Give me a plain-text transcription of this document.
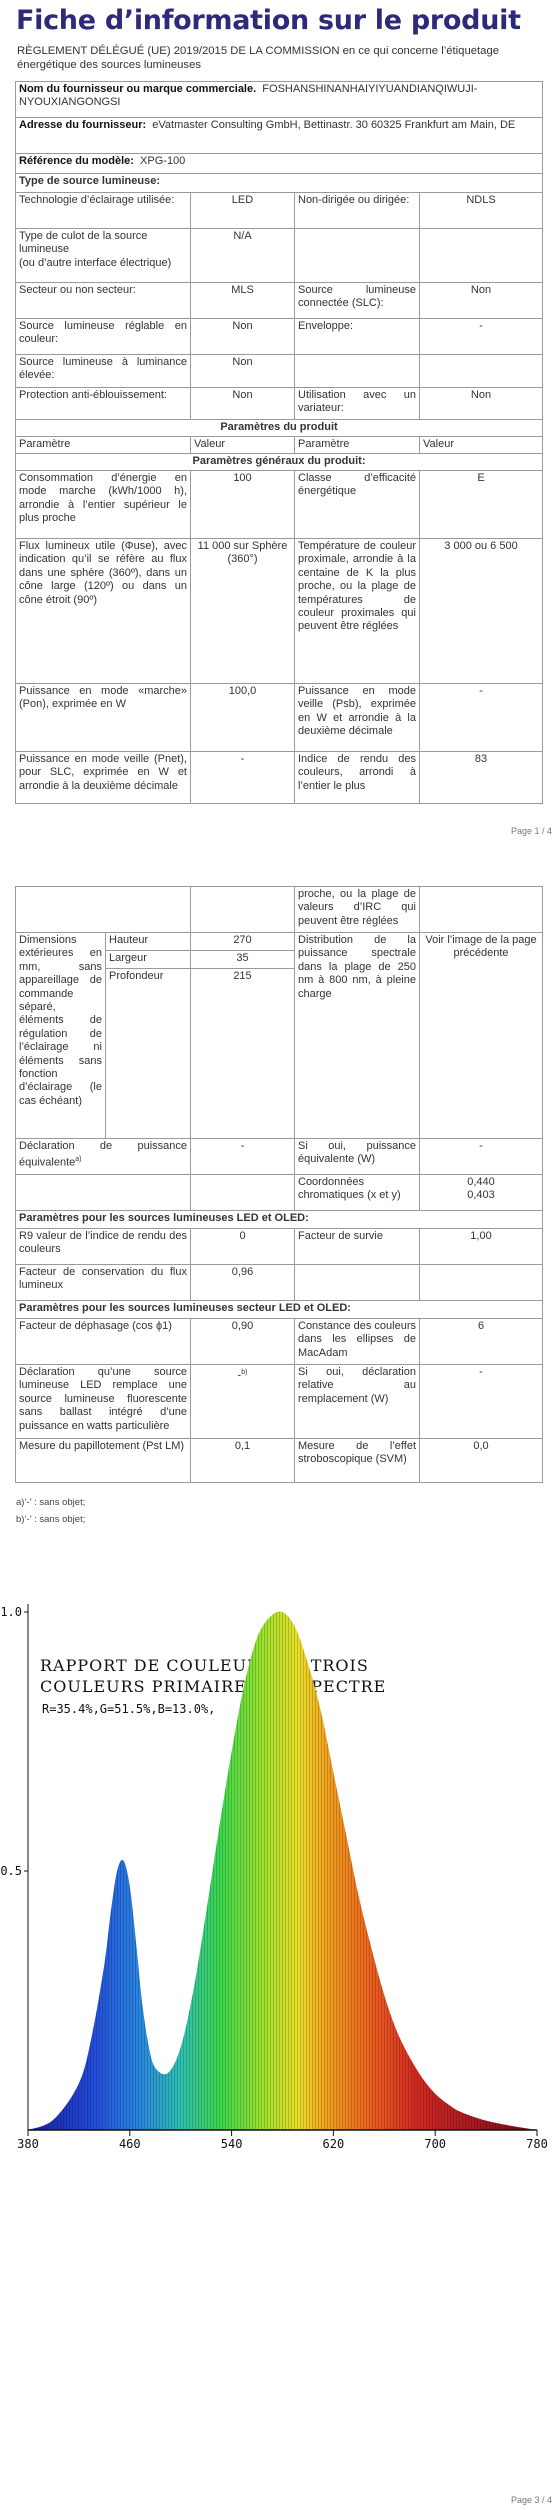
Fiche d’information sur le produit
RÈGLEMENT DÉLÉGUÉ (UE) 2019/2015 DE LA COMMISSION en ce qui concerne l’étiquetage énergétique des sources lumineuses
Nom du fournisseur ou marque commerciale. FOSHANSHINANHAIYIYUANDIANQIWUJI-NYOUXIANGONGSI			
Adresse du fournisseur: eVatmaster Consulting GmbH, Bettinastr. 30 60325 Frankfurt am Main, DE			
Référence du modèle: XPG-100			
Type de source lumineuse:			
Technologie d’éclairage utilisée:	LED	Non-dirigée ou dirigée:	NDLS
Type de culot de la source lumineuse
(ou d’autre interface électrique)	N/A		
Secteur ou non secteur:	MLS	Source lumineuse connectée (SLC):	Non
Source lumineuse réglable en couleur:	Non	Enveloppe:	-
Source lumineuse à luminance élevée:	Non		
Protection anti-éblouissement:	Non	Utilisation avec un variateur:	Non
Paramètres du produit			
Paramètre	Valeur	Paramètre	Valeur
Paramètres généraux du produit:			
Consommation d’énergie en mode marche (kWh/1000 h), arrondie à l’entier supérieur le plus proche	100	Classe d’efficacité énergétique	E
Flux lumineux utile (Φuse), avec indication qu’il se réfère au flux dans une sphère (360º), dans un cône large (120º) ou dans un cône étroit (90º)	11 000 sur Sphère (360°)	Température de couleur proximale, arrondie à la centaine de K la plus proche, ou la plage de températures de couleur proximales qui peuvent être réglées	3 000 ou 6 500
Puissance en mode «marche» (Pon), exprimée en W	100,0	Puissance en mode veille (Psb), exprimée en W et arrondie à la deuxième décimale	-
Puissance en mode veille (Pnet), pour SLC, exprimée en W et arrondie à la deuxième décimale	-	Indice de rendu des couleurs, arrondi à l’entier le plus	83
Page 1 / 4
			proche, ou la plage de valeurs d’IRC qui peuvent être réglées	
Dimensions extérieures en mm, sans appareillage de commande séparé, éléments de régulation de l’éclairage ni éléments sans fonction d’éclairage (le cas échéant)	Hauteur	270	Distribution de la puissance spectrale dans la plage de 250 nm à 800 nm, à pleine charge	Voir l’image de la page précédente
	Largeur	35		
	Profondeur	215		
Déclaration de puissance équivalente$^{a)}$		-	Si oui, puissance équivalente (W)	-
			Coordonnées chromatiques (x et y)	0,440
0,403

Paramètres pour les sources lumineuses LED et OLED:				
R9 valeur de l’indice de rendu des couleurs		0	Facteur de survie	1,00
Facteur de conservation du flux lumineux		0,96		
Paramètres pour les sources lumineuses secteur LED et OLED:				
Facteur de déphasage (cos ϕ1)		0,90	Constance des couleurs dans les ellipses de MacAdam	6
Déclaration qu’une source lumineuse LED remplace une source lumineuse fluorescente sans ballast intégré d’une puissance en watts particulière		-$^{b)}$	Si oui, déclaration relative au remplacement (W)	-
Mesure du papillotement (Pst LM)		0,1	Mesure de l’effet stroboscopique (SVM)	0,0
a)‘-’ : sans objet;
b)‘-’ : sans objet;
RAPPORT DE COULEUR DES TROIS COULEURS PRIMAIRES DU SPECTRE
R=35.4%,G=51.5%,B=13.0%,
380	460	540	620	700	780
0.5
1.0
Page 3 / 4
